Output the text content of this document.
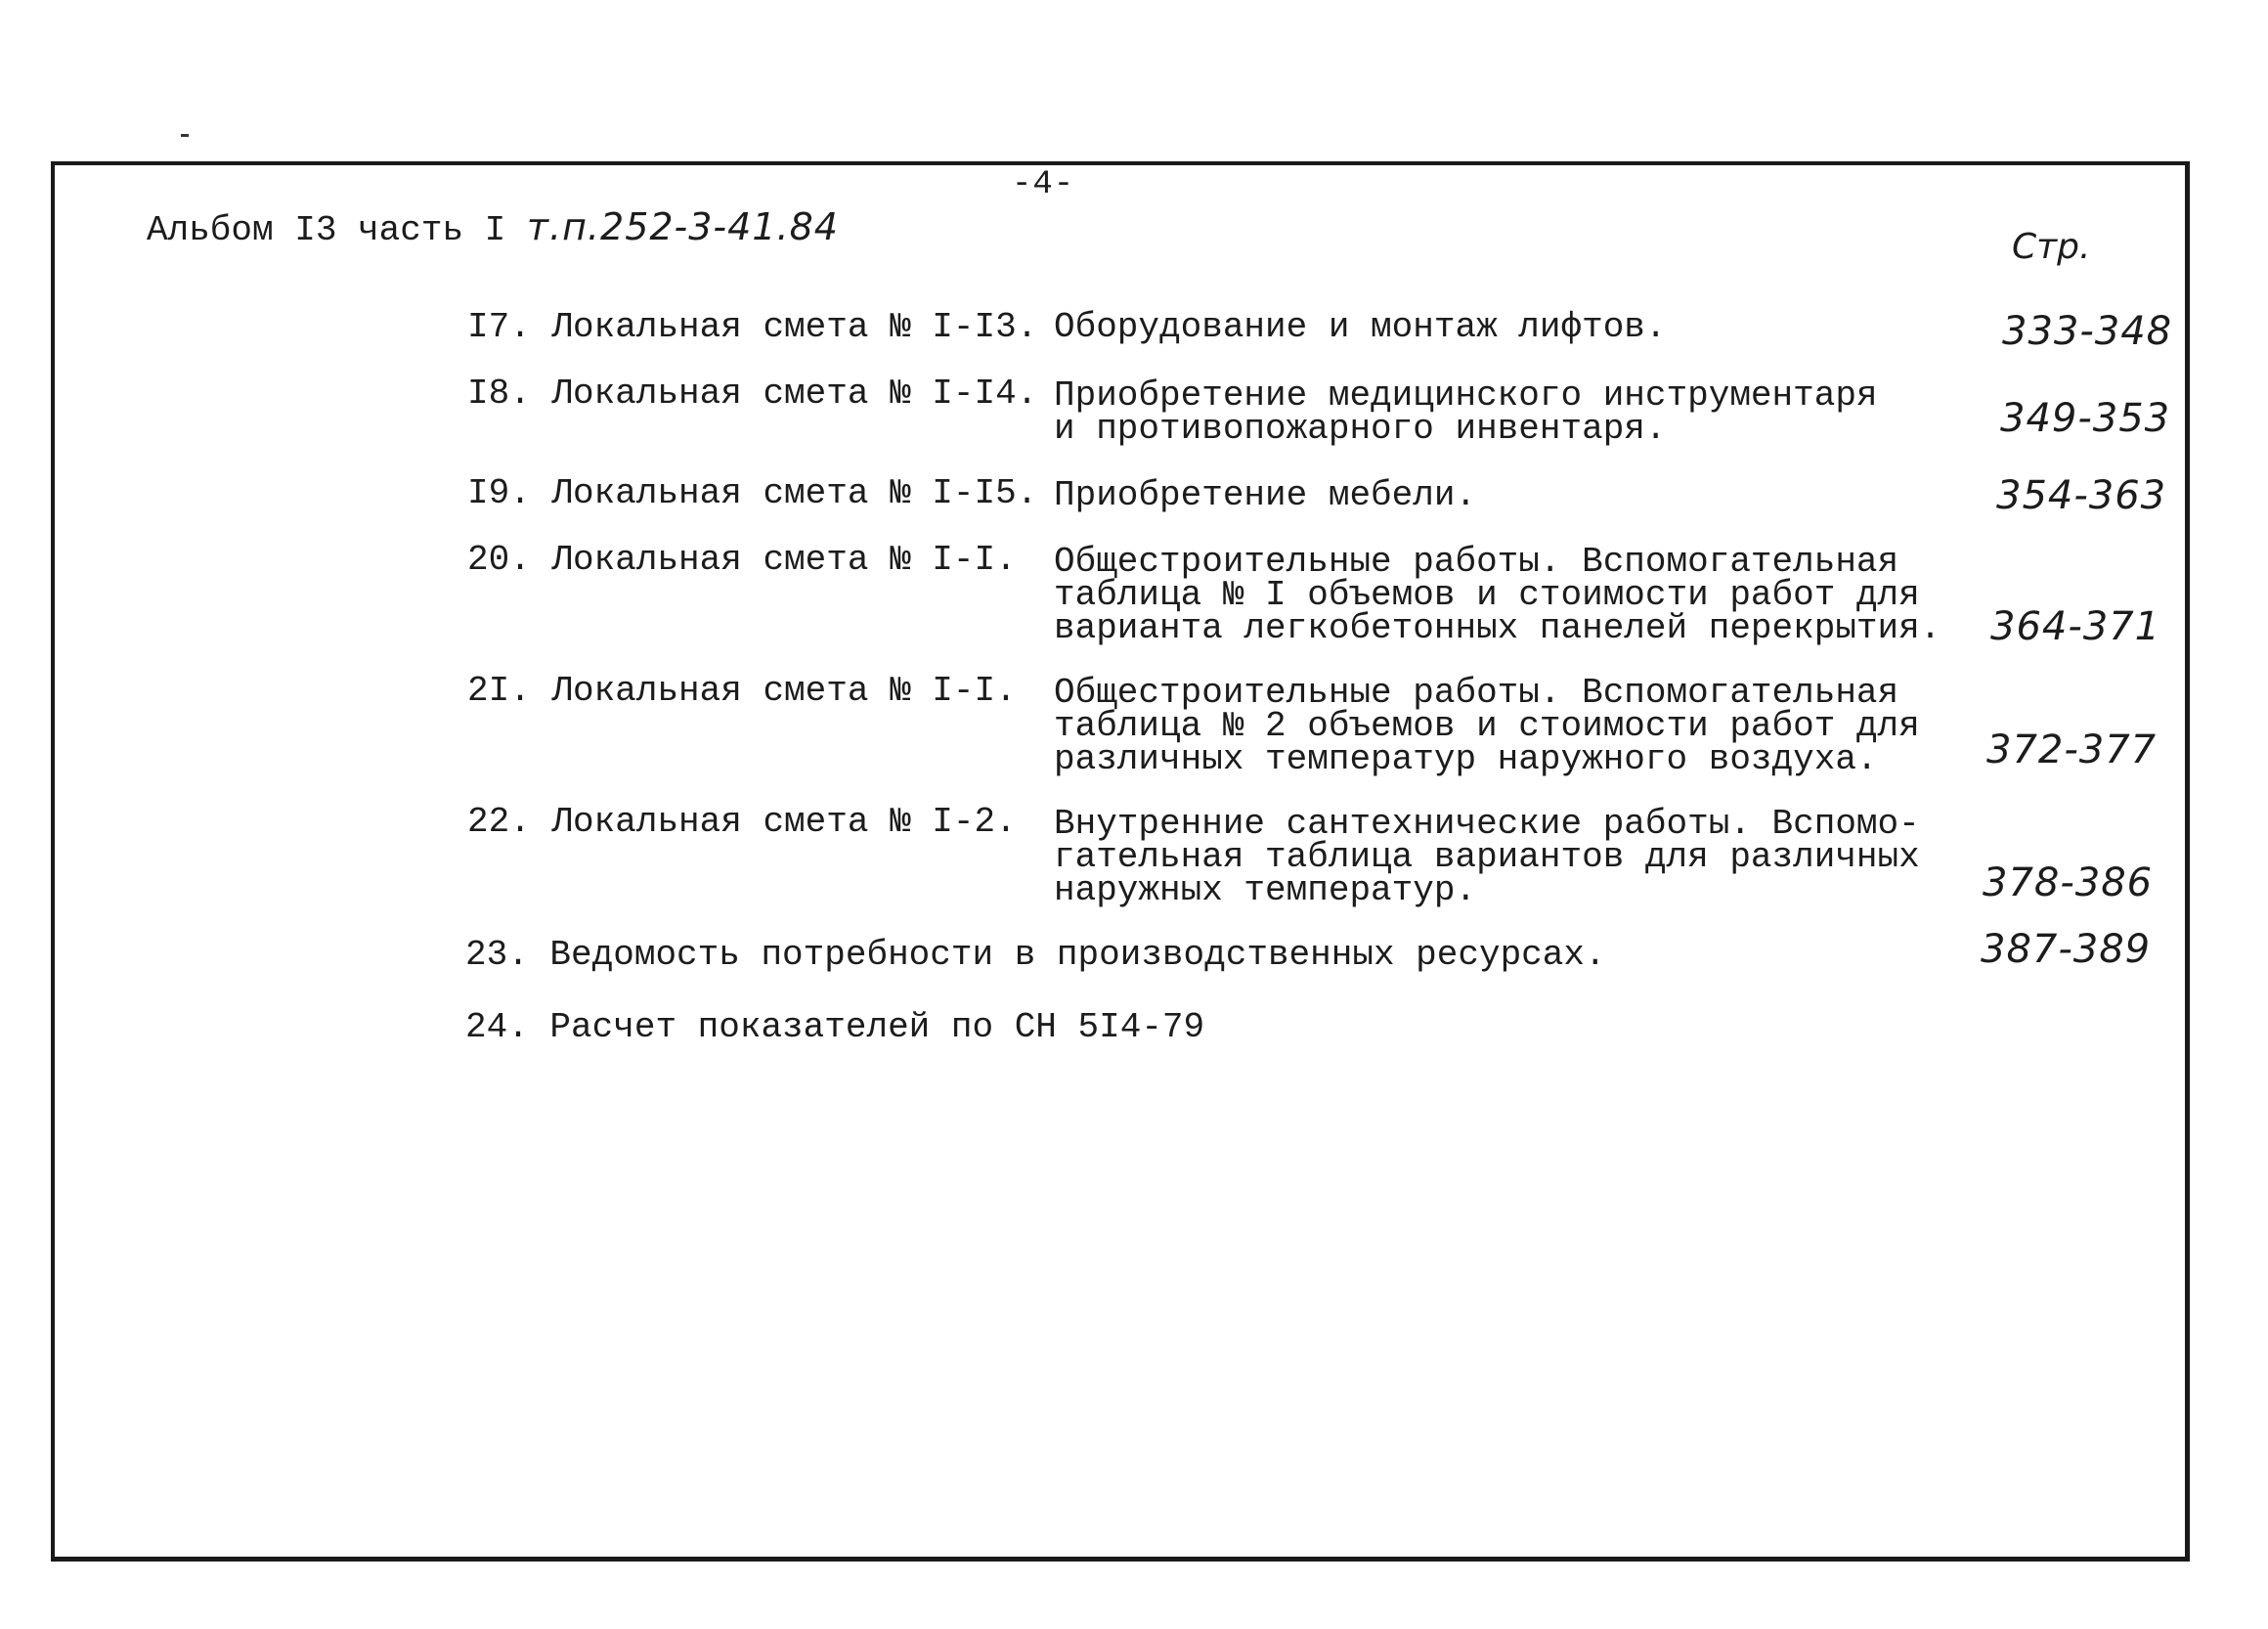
-4-
Альбом I3 часть I т.п.252-3-41.84	Стр.
I7. Локальная смета № I-I3. Оборудование и монтаж лифтов.	333-348
I8. Локальная смета № I-I4. Приобретение медицинского инструментаря
и противопожарного инвентаря.	349-353
I9. Локальная смета № I-I5. Приобретение мебели.	354-363
20. Локальная смета № I-I. Общестроительные работы. Вспомогательная
таблица № I объемов и стоимости работ для
варианта легкобетонных панелей перекрытия. 364-371
2I. Локальная смета № I-I. Общестроительные работы. Вспомогательная
таблица № 2 объемов и стоимости работ для
различных температур наружного воздуха.	372-377
22. Локальная смета № I-2. Внутренние сантехнические работы. Вспомо-
гательная таблица вариантов для различных
наружных температур.	378-386
23. Ведомость потребности в производственных ресурсах.	387-389
24. Расчет показателей по СН 5I4-79
